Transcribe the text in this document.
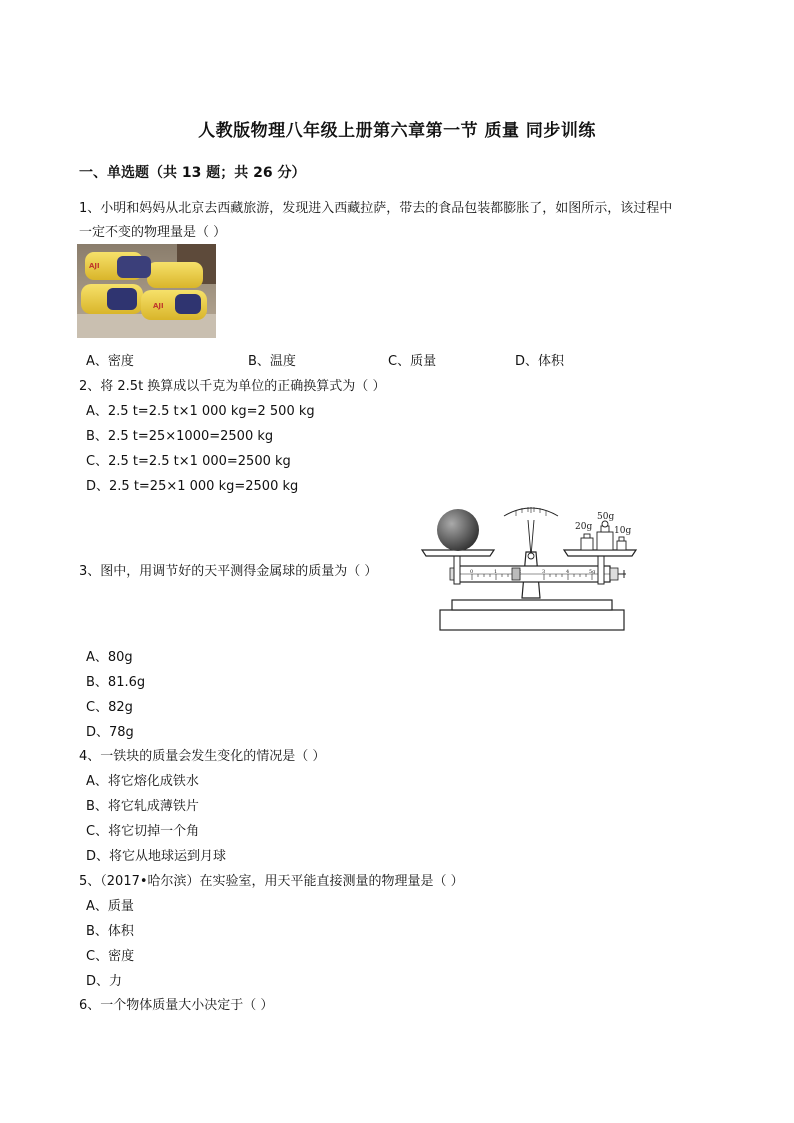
人教版物理八年级上册第六章第一节 质量 同步训练
一、单选题（共 13 题；共 26 分）
1、小明和妈妈从北京去西藏旅游，发现进入西藏拉萨，带去的食品包装都膨胀了，如图所示，该过程中
一定不变的物理量是（ ）
AJI
AJI
A、密度	B、温度	C、质量	D、体积
2、将 2.5t 换算成以千克为单位的正确换算式为（ ）
A、2.5 t=2.5 t×1 000 kg=2 500 kg
B、2.5 t=25×1000=2500 kg
C、2.5 t=2.5 t×1 000=2500 kg
D、2.5 t=25×1 000 kg=2500 kg
3、图中，用调节好的天平测得金属球的质量为（ ）	0	1	3	4	5g
20g
50g
10g
A、80g
B、81.6g
C、82g
D、78g
4、一铁块的质量会发生变化的情况是（ ）
A、将它熔化成铁水
B、将它轧成薄铁片
C、将它切掉一个角
D、将它从地球运到月球
5、（2017•哈尔滨）在实验室，用天平能直接测量的物理量是（ ）
A、质量
B、体积
C、密度
D、力
6、一个物体质量大小决定于（ ）
